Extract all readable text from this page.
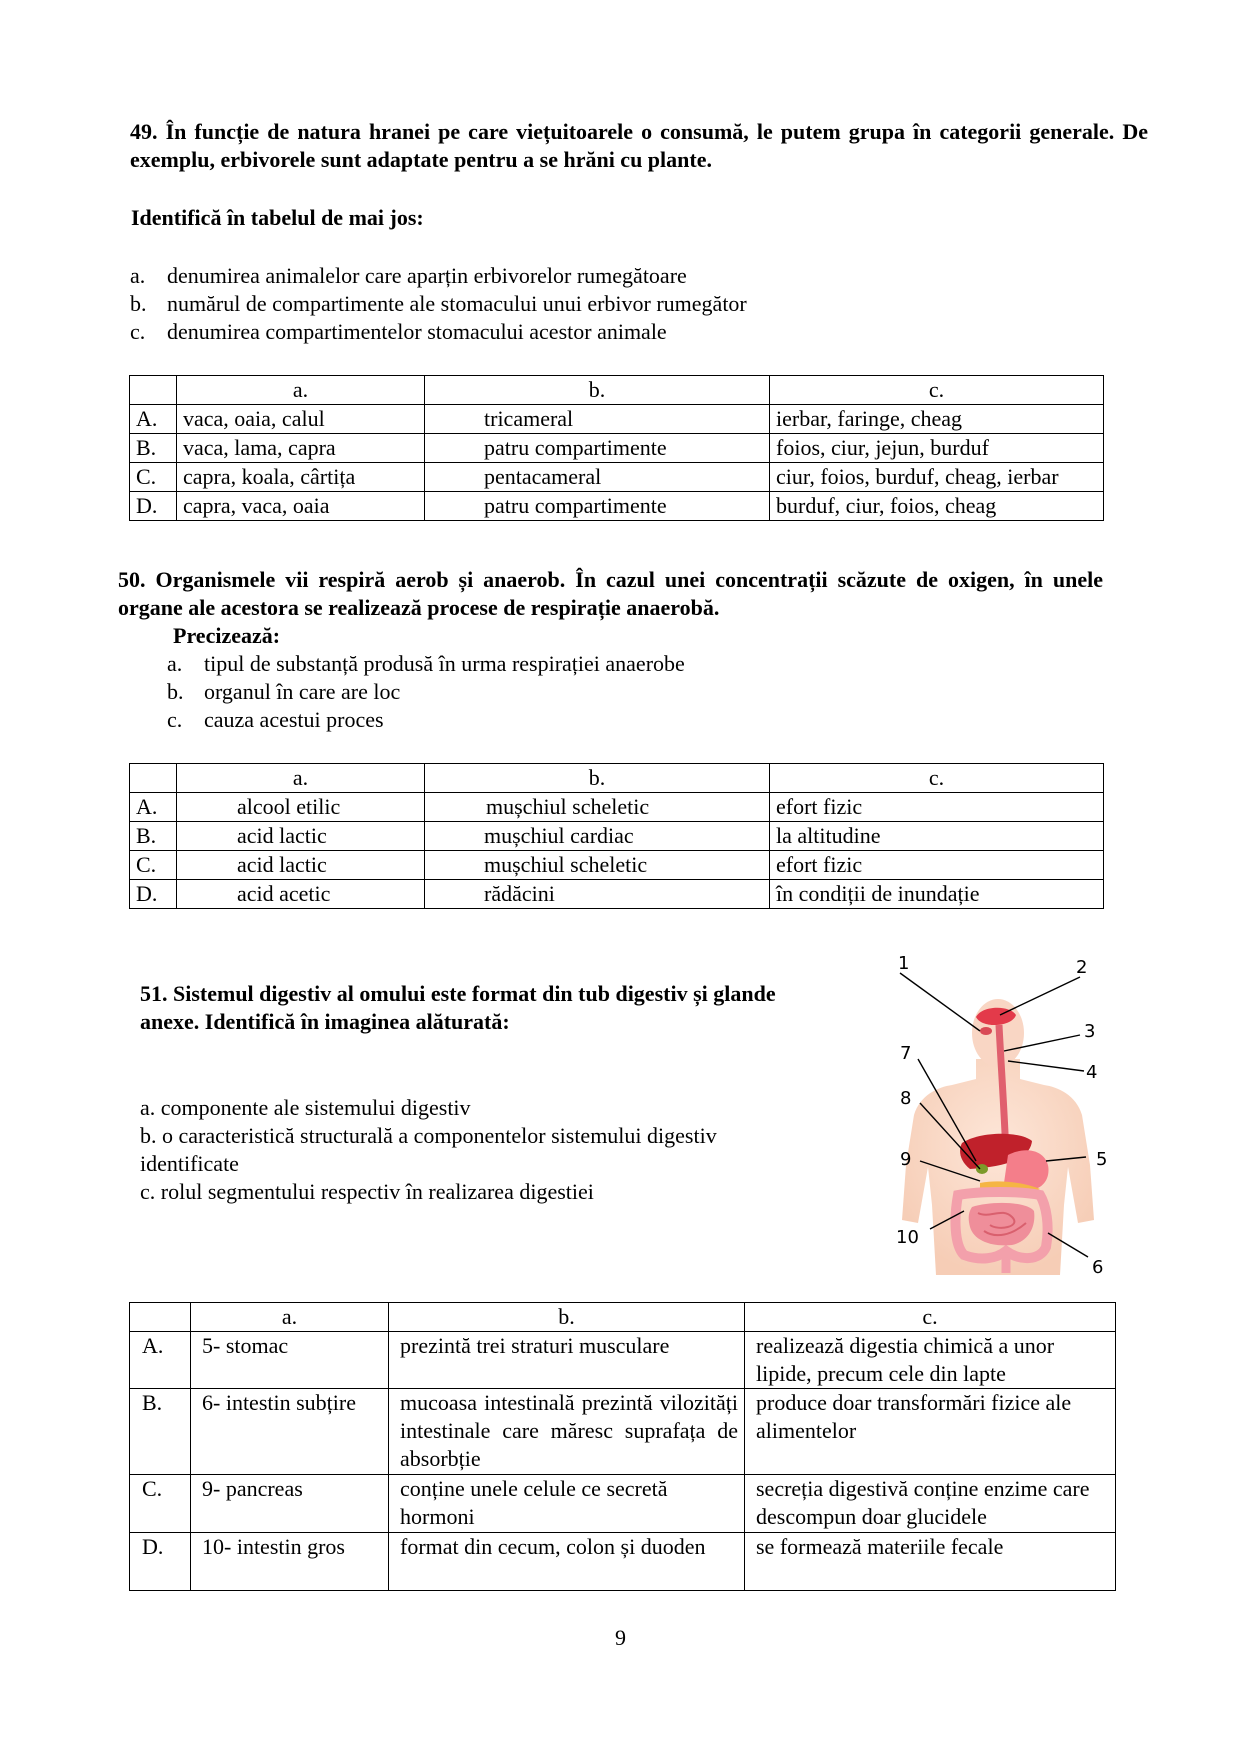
49. În funcție de natura hranei pe care viețuitoarele o consumă, le putem grupa în categorii generale. De exemplu, erbivorele sunt adaptate pentru a se hrăni cu plante.
Identifică în tabelul de mai jos:
a. denumirea animalelor care aparțin erbivorelor rumegătoare
b. numărul de compartimente ale stomacului unui erbivor rumegător
c. denumirea compartimentelor stomacului acestor animale
	a.	b.	c.
A.	vaca, oaia, calul	tricameral	ierbar, faringe, cheag
B.	vaca, lama, capra	patru compartimente	foios, ciur, jejun, burduf
C.	capra, koala, cârtița	pentacameral	ciur, foios, burduf, cheag, ierbar
D.	capra, vaca, oaia	patru compartimente	burduf, ciur, foios, cheag
50. Organismele vii respiră aerob și anaerob. În cazul unei concentrații scăzute de oxigen, în unele organe ale acestora se realizează procese de respirație anaerobă.
Precizează:
a. tipul de substanță produsă în urma respirației anaerobe
b. organul în care are loc
c. cauza acestui proces
	a.	b.	c.
A.	alcool etilic	mușchiul scheletic	efort fizic
B.	acid lactic	mușchiul cardiac	la altitudine
C.	acid lactic	mușchiul scheletic	efort fizic
D.	acid acetic	rădăcini	în condiții de inundație
51. Sistemul digestiv al omului este format din tub digestiv și glande anexe. Identifică în imaginea alăturată:
a. componente ale sistemului digestiv
b. o caracteristică structurală a componentelor sistemului digestiv identificate
c. rolul segmentului respectiv în realizarea digestiei
1	2
3
4
5
6
7
8
9
10
	a.	b.	c.
A.	5- stomac	prezintă trei straturi musculare	realizează digestia chimică a unor lipide, precum cele din lapte
B.	6- intestin subțire	mucoasa intestinală prezintă vilozități intestinale care măresc suprafața de absorbție	produce doar transformări fizice ale alimentelor
C.	9- pancreas	conține unele celule ce secretă hormoni	secreția digestivă conține enzime care descompun doar glucidele
D.	10- intestin gros	format din cecum, colon și duoden	se formează materiile fecale
9
